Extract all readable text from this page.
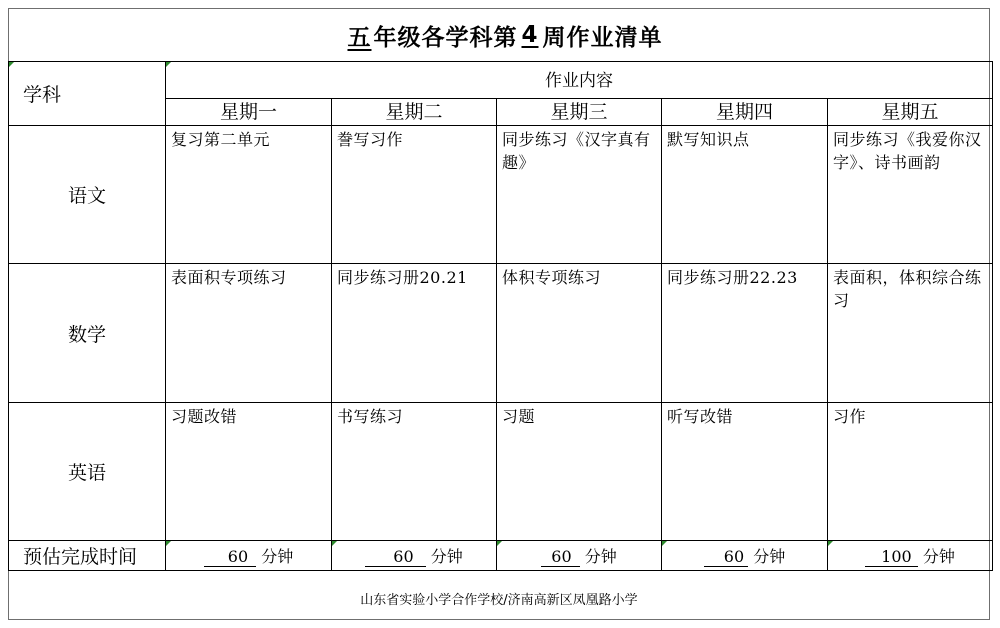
五 年级各学科第 4 周作业清单
学科	作业内容				
	星期一	星期二	星期三	星期四	星期五
语文	复习第二单元	誊写习作	同步练习《汉字真有趣》	默写知识点	同步练习《我爱你汉字》、诗书画韵
数学	表面积专项练习	同步练习册20.21	体积专项练习	同步练习册22.23	表面积，体积综合练习
英语	习题改错	书写练习	习题	听写改错	习作
预估完成时间	60 分钟	60 分钟	60 分钟	60 分钟	100 分钟
山东省实验小学合作学校/济南高新区凤凰路小学
